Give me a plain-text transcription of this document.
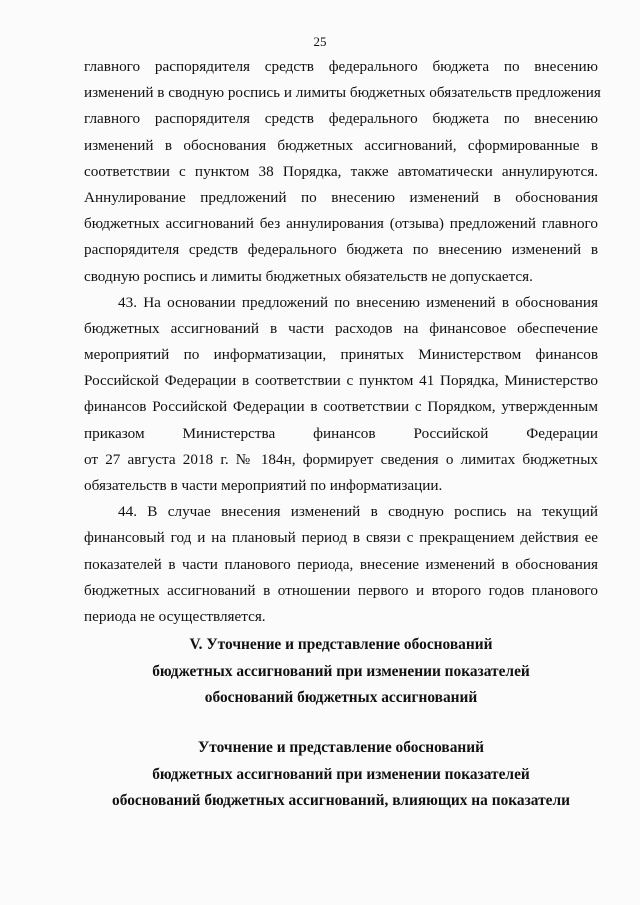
25
главного распорядителя средств федерального бюджета по внесению
изменений в сводную роспись и лимиты бюджетных обязательств предложения
главного распорядителя средств федерального бюджета по внесению
изменений в обоснования бюджетных ассигнований, сформированные в
соответствии с пунктом 38 Порядка, также автоматически аннулируются.
Аннулирование предложений по внесению изменений в обоснования
бюджетных ассигнований без аннулирования (отзыва) предложений главного
распорядителя средств федерального бюджета по внесению изменений в
сводную роспись и лимиты бюджетных обязательств не допускается.
43. На основании предложений по внесению изменений в обоснования
бюджетных ассигнований в части расходов на финансовое обеспечение
мероприятий по информатизации, принятых Министерством финансов
Российской Федерации в соответствии с пунктом 41 Порядка, Министерство
финансов Российской Федерации в соответствии с Порядком, утвержденным
приказом Министерства финансов Российской Федерации
от 27 августа 2018 г. № 184н, формирует сведения о лимитах бюджетных
обязательств в части мероприятий по информатизации.
44. В случае внесения изменений в сводную роспись на текущий
финансовый год и на плановый период в связи с прекращением действия ее
показателей в части планового периода, внесение изменений в обоснования
бюджетных ассигнований в отношении первого и второго годов планового
периода не осуществляется.
V. Уточнение и представление обоснований
бюджетных ассигнований при изменении показателей
обоснований бюджетных ассигнований
Уточнение и представление обоснований
бюджетных ассигнований при изменении показателей
обоснований бюджетных ассигнований, влияющих на показатели
